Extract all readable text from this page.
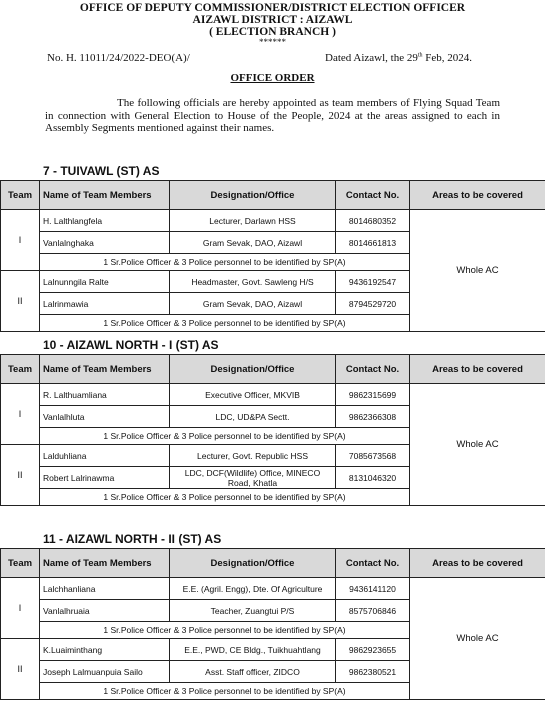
OFFICE OF DEPUTY COMMISSIONER/DISTRICT ELECTION OFFICER
AIZAWL DISTRICT : AIZAWL
( ELECTION BRANCH )
******
No. H. 11011/24/2022-DEO(A)/	Dated Aizawl, the 29th Feb, 2024.
OFFICE ORDER

The following officials are hereby appointed as team members of Flying Squad Team in connection with General Election to House of the People, 2024 at the areas assigned to each in Assembly Segments mentioned against their names.

7 - TUIVAWL (ST) AS
Team	Name of Team Members	Designation/Office	Contact No.	Areas to be covered
I	H. Lalthlangfela	Lecturer, Darlawn HSS	8014680352	Whole AC
	Vanlalnghaka	Gram Sevak, DAO, Aizawl	8014661813	
	1 Sr.Police Officer & 3 Police personnel to be identified by SP(A)			
II	Lalnunngila Ralte	Headmaster, Govt. Sawleng H/S	9436192547	
	Lalrinmawia	Gram Sevak, DAO, Aizawl	8794529720	
	1 Sr.Police Officer & 3 Police personnel to be identified by SP(A)			
10 - AIZAWL NORTH - I (ST) AS
Team	Name of Team Members	Designation/Office	Contact No.	Areas to be covered
I	R. Lalthuamliana	Executive Officer, MKVIB	9862315699	Whole AC
	Vanlalhluta	LDC, UD&PA Sectt.	9862366308	
	1 Sr.Police Officer & 3 Police personnel to be identified by SP(A)			
II	Lalduhliana	Lecturer, Govt. Republic HSS	7085673568	
	Robert Lalrinawma	LDC, DCF(Wildlife) Office, MINECO Road, Khatla	8131046320	
	1 Sr.Police Officer & 3 Police personnel to be identified by SP(A)			
11 - AIZAWL NORTH - II (ST) AS
Team	Name of Team Members	Designation/Office	Contact No.	Areas to be covered
I	Lalchhanliana	E.E. (Agril. Engg), Dte. Of Agriculture	9436141120	Whole AC
	Vanlalhruaia	Teacher, Zuangtui P/S	8575706846	
	1 Sr.Police Officer & 3 Police personnel to be identified by SP(A)			
II	K.Luaiminthang	E.E., PWD, CE Bldg., Tuikhuahtlang	9862923655	
	Joseph Lalmuanpuia Sailo	Asst. Staff officer, ZIDCO	9862380521	
	1 Sr.Police Officer & 3 Police personnel to be identified by SP(A)			
